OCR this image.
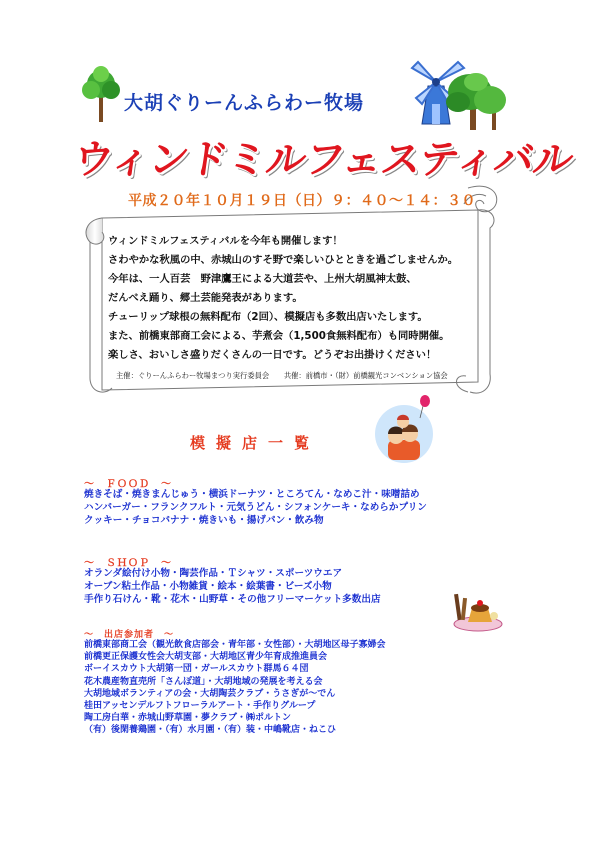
大胡ぐりーんふらわー牧場
ウィンドミルフェスティバル
平成２０年１０月１９日（日）９：４０～１４：３０

ウィンドミルフェスティバルを今年も開催します！

さわやかな秋風の中、赤城山のすそ野で楽しいひとときを過ごしませんか。

今年は、一人百芸　野津鷹王による大道芸や、上州大胡風神太鼓、

だんべえ踊り、郷土芸能発表があります。

チューリップ球根の無料配布（2回）、模擬店も多数出店いたします。

また、前橋東部商工会による、芋煮会（1,500食無料配布）も同時開催。

楽しさ、おいしさ盛りだくさんの一日です。どうぞお出掛けください！

主催：ぐりーんふらわー牧場まつり実行委員会　　共催：前橋市・（財）前橋観光コンベンション協会
模擬店一覧
～　ＦＯＯＤ　～

焼きそば・焼きまんじゅう・横浜ドーナツ・ところてん・なめこ汁・味噌詰め

ハンバーガー・フランクフルト・元気うどん・シフォンケーキ・なめらかプリン

クッキー・チョコバナナ・焼きいも・揚げパン・飲み物

～　ＳＨＯＰ　～

オランダ絵付け小物・陶芸作品・Ｔシャツ・スポーツウエア

オーブン粘土作品・小物雑貨・絵本・絵葉書・ビーズ小物

手作り石けん・靴・花木・山野草・その他フリーマーケット多数出店

～　出店参加者　～

前橋東部商工会（観光飲食店部会・青年部・女性部）・大胡地区母子寡婦会

前橋更正保護女性会大胡支部・大胡地区青少年育成推進員会

ボーイスカウト大胡第一団・ガールスカウト群馬６４団

花木農産物直売所「さんぽ道」・大胡地域の発展を考える会

大胡地域ボランティアの会・大胡陶芸クラブ・うさぎが～でん

桂田アッセンデルフトフローラルアート・手作りグループ

陶工房白華・赤城山野草園・夢クラブ・㈱ポルトン

（有）後閑養鶏園・（有）水月園・（有）装・中嶋靴店・ねこひ
